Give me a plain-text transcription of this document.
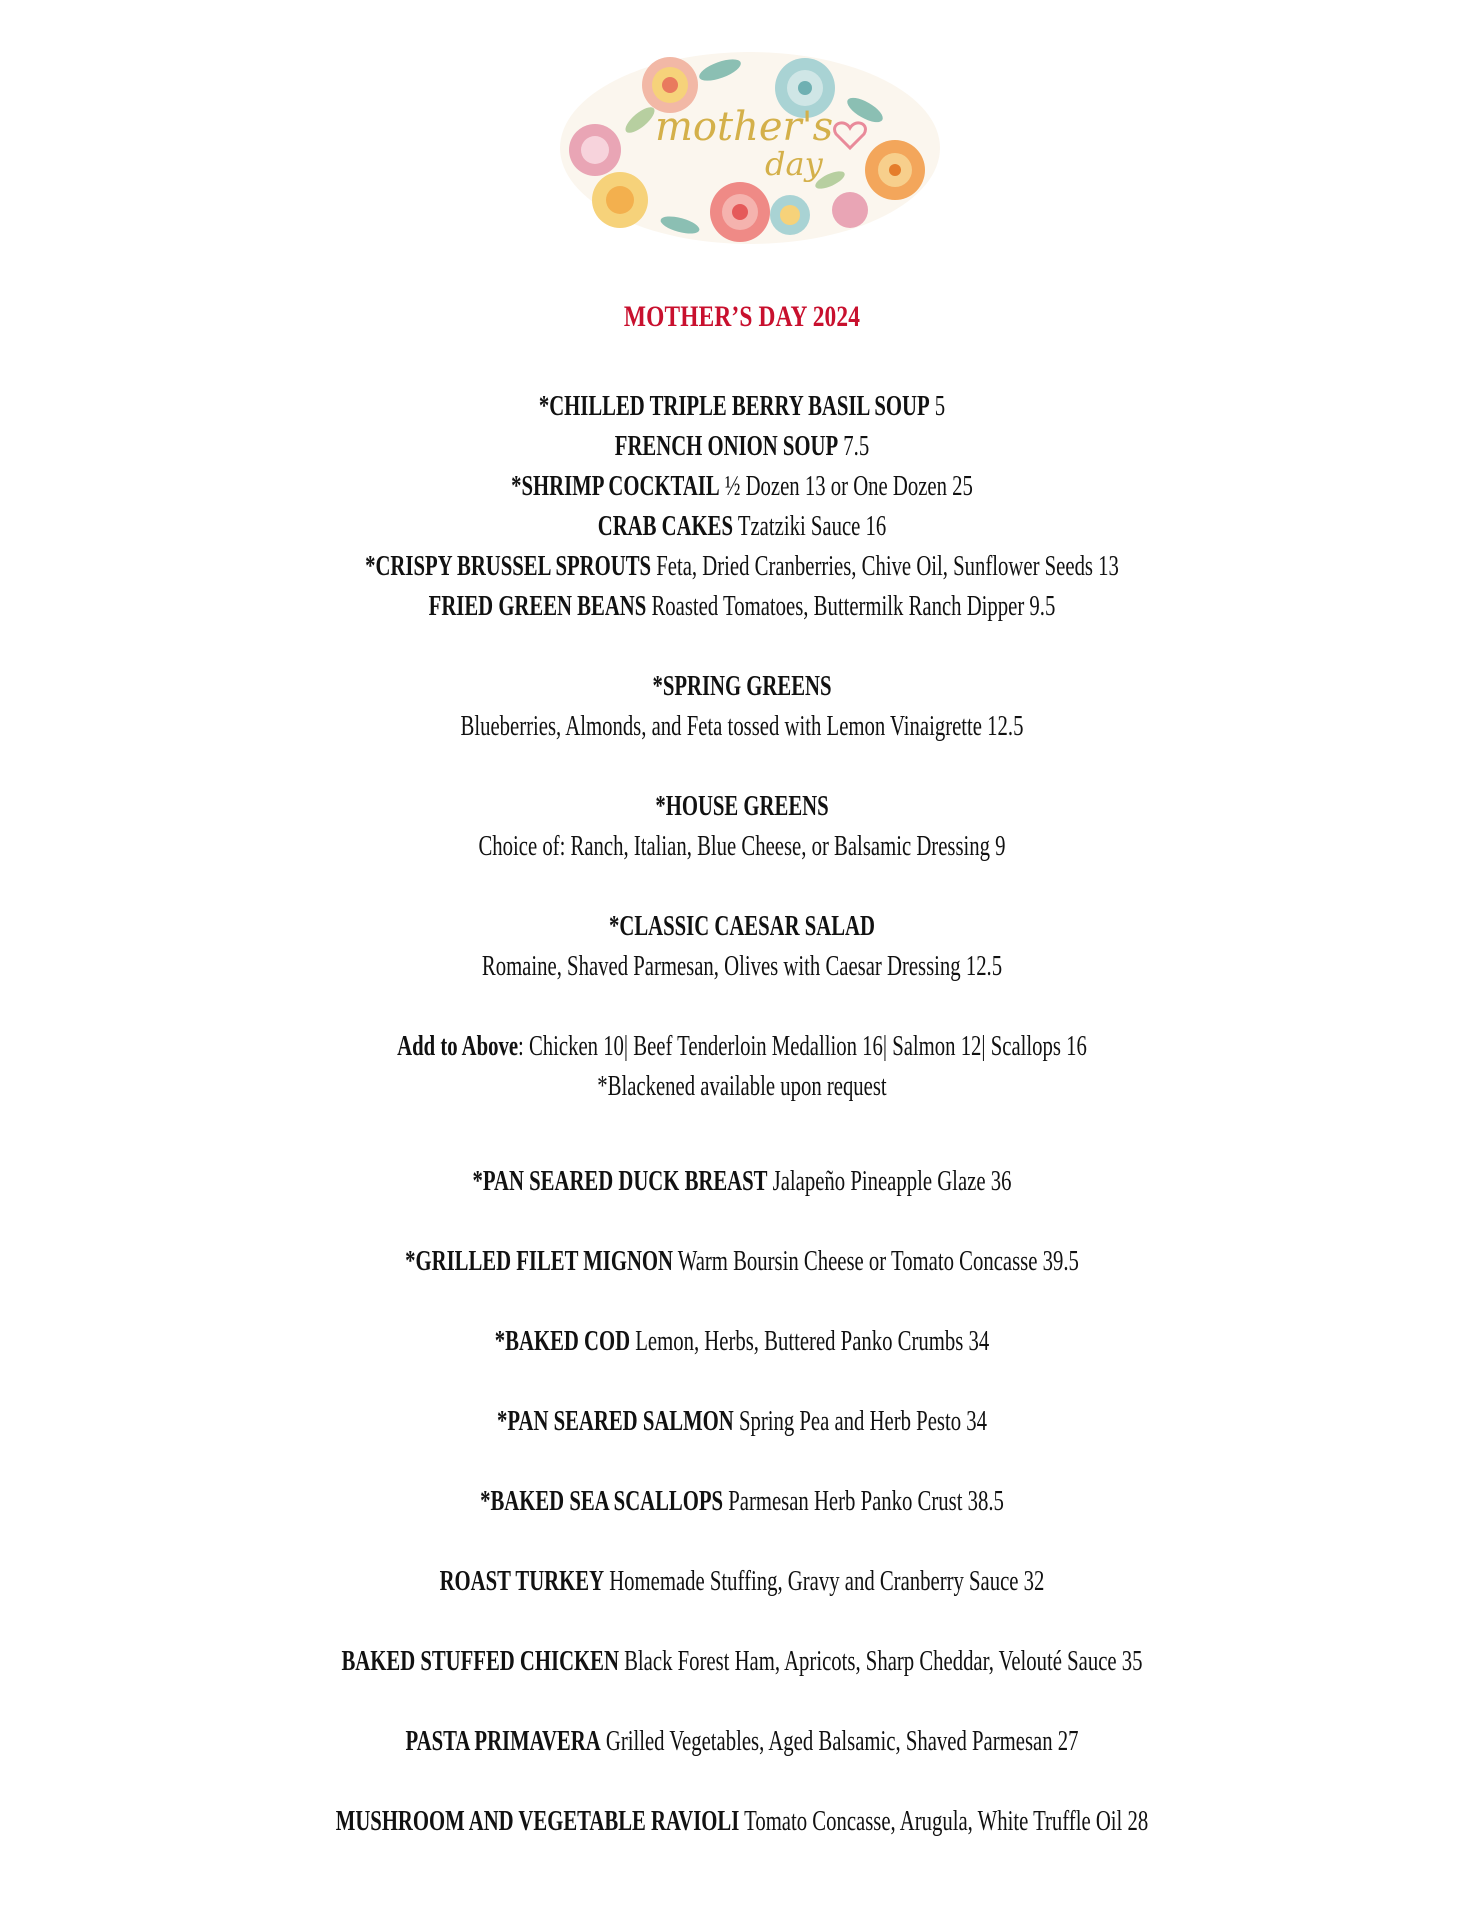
mother's
day
MOTHER’S DAY 2024
*CHILLED TRIPLE BERRY BASIL SOUP 5
FRENCH ONION SOUP 7.5
*SHRIMP COCKTAIL ½ Dozen 13 or One Dozen 25
CRAB CAKES Tzatziki Sauce 16
*CRISPY BRUSSEL SPROUTS Feta, Dried Cranberries, Chive Oil, Sunflower Seeds 13
FRIED GREEN BEANS Roasted Tomatoes, Buttermilk Ranch Dipper 9.5
*SPRING GREENS
Blueberries, Almonds, and Feta tossed with Lemon Vinaigrette 12.5
*HOUSE GREENS
Choice of: Ranch, Italian, Blue Cheese, or Balsamic Dressing 9
*CLASSIC CAESAR SALAD
Romaine, Shaved Parmesan, Olives with Caesar Dressing 12.5
Add to Above: Chicken 10| Beef Tenderloin Medallion 16| Salmon 12| Scallops 16
*Blackened available upon request
*PAN SEARED DUCK BREAST Jalapeño Pineapple Glaze 36
*GRILLED FILET MIGNON Warm Boursin Cheese or Tomato Concasse 39.5
*BAKED COD Lemon, Herbs, Buttered Panko Crumbs 34
*PAN SEARED SALMON Spring Pea and Herb Pesto 34
*BAKED SEA SCALLOPS Parmesan Herb Panko Crust 38.5
ROAST TURKEY Homemade Stuffing, Gravy and Cranberry Sauce 32
BAKED STUFFED CHICKEN Black Forest Ham, Apricots, Sharp Cheddar, Velouté Sauce 35
PASTA PRIMAVERA Grilled Vegetables, Aged Balsamic, Shaved Parmesan 27
MUSHROOM AND VEGETABLE RAVIOLI Tomato Concasse, Arugula, White Truffle Oil 28
